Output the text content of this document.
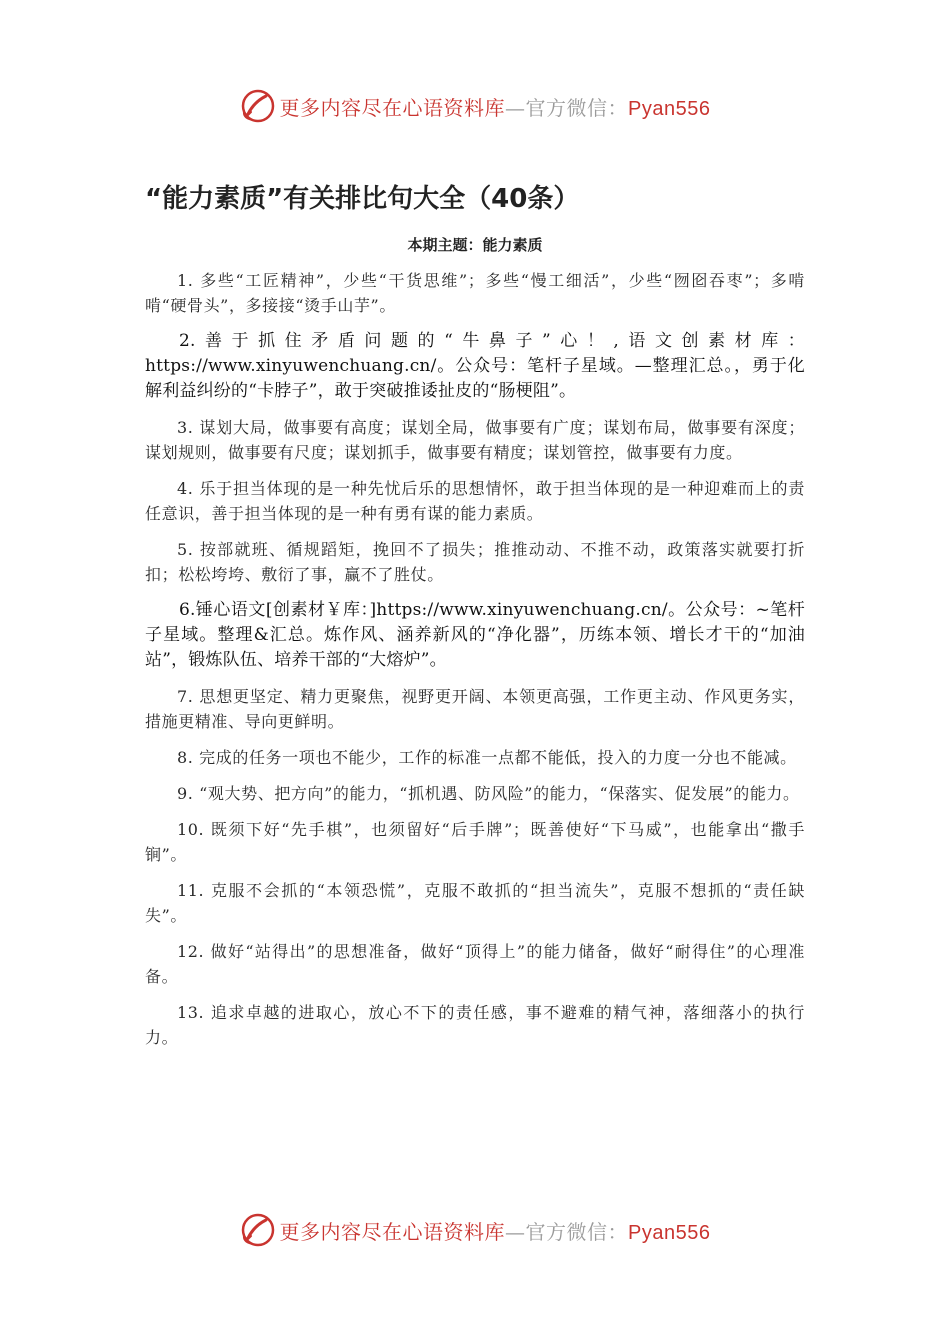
更多内容尽在心语资料库—官方微信：Pyan556
“能力素质”有关排比句大全（40条）
本期主题：能力素质

1. 多些“工匠精神”，少些“干货思维”；多些“慢工细活”，少些“囫囵吞枣”；多啃啃“硬骨头”，多接接“烫手山芋”。

2.善于抓住矛盾问题的“牛鼻子”心！,语文创素材库：https://www.xinyuwenchuang.cn/。公众号：笔杆子星域。—整理汇总。，勇于化解利益纠纷的“卡脖子”，敢于突破推诿扯皮的“肠梗阻”。

3. 谋划大局，做事要有高度；谋划全局，做事要有广度；谋划布局，做事要有深度；谋划规则，做事要有尺度；谋划抓手，做事要有精度；谋划管控，做事要有力度。

4. 乐于担当体现的是一种先忧后乐的思想情怀，敢于担当体现的是一种迎难而上的责任意识，善于担当体现的是一种有勇有谋的能力素质。

5. 按部就班、循规蹈矩，挽回不了损失；推推动动、不推不动，政策落实就要打折扣；松松垮垮、敷衍了事，赢不了胜仗。

6.锤心语文[创素材￥库：]https://www.xinyuwenchuang.cn/。公众号：~笔杆子星域。整理&汇总。炼作风、涵养新风的“净化器”，历练本领、增长才干的“加油站”，锻炼队伍、培养干部的“大熔炉”。

7. 思想更坚定、精力更聚焦，视野更开阔、本领更高强，工作更主动、作风更务实，措施更精准、导向更鲜明。

8. 完成的任务一项也不能少，工作的标准一点都不能低，投入的力度一分也不能减。

9. “观大势、把方向”的能力，“抓机遇、防风险”的能力，“保落实、促发展”的能力。

10. 既须下好“先手棋”，也须留好“后手牌”；既善使好“下马威”，也能拿出“撒手锏”。

11. 克服不会抓的“本领恐慌”，克服不敢抓的“担当流失”，克服不想抓的“责任缺失”。

12. 做好“站得出”的思想准备，做好“顶得上”的能力储备，做好“耐得住”的心理准备。

13. 追求卓越的进取心，放心不下的责任感，事不避难的精气神，落细落小的执行力。

更多内容尽在心语资料库—官方微信：Pyan556
